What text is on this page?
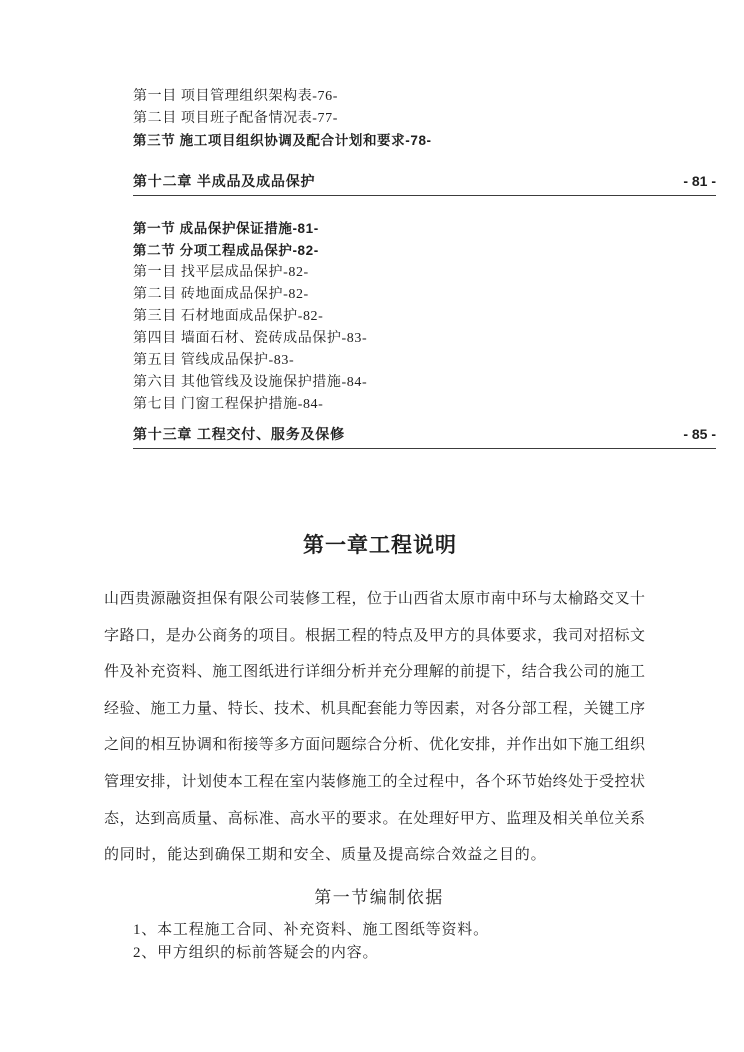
第一目 项目管理组织架构表-76-
第二目 项目班子配备情况表-77-
第三节 施工项目组织协调及配合计划和要求-78-
第十二章 半成品及成品保护	- 81 -
第一节 成品保护保证措施-81-
第二节 分项工程成品保护-82-
第一目 找平层成品保护-82-
第二目 砖地面成品保护-82-
第三目 石材地面成品保护-82-
第四目 墙面石材、瓷砖成品保护-83-
第五目 管线成品保护-83-
第六目 其他管线及设施保护措施-84-
第七目 门窗工程保护措施-84-
第十三章 工程交付、服务及保修	- 85 -
第一章工程说明
山西贵源融资担保有限公司装修工程，位于山西省太原市南中环与太榆路交叉十
字路口，是办公商务的项目。根据工程的特点及甲方的具体要求，我司对招标文
件及补充资料、施工图纸进行详细分析并充分理解的前提下，结合我公司的施工
经验、施工力量、特长、技术、机具配套能力等因素，对各分部工程，关键工序
之间的相互协调和衔接等多方面问题综合分析、优化安排，并作出如下施工组织
管理安排，计划使本工程在室内装修施工的全过程中，各个环节始终处于受控状
态，达到高质量、高标准、高水平的要求。在处理好甲方、监理及相关单位关系
的同时，能达到确保工期和安全、质量及提高综合效益之目的。
第一节编制依据
1、本工程施工合同、补充资料、施工图纸等资料。
2、甲方组织的标前答疑会的内容。
